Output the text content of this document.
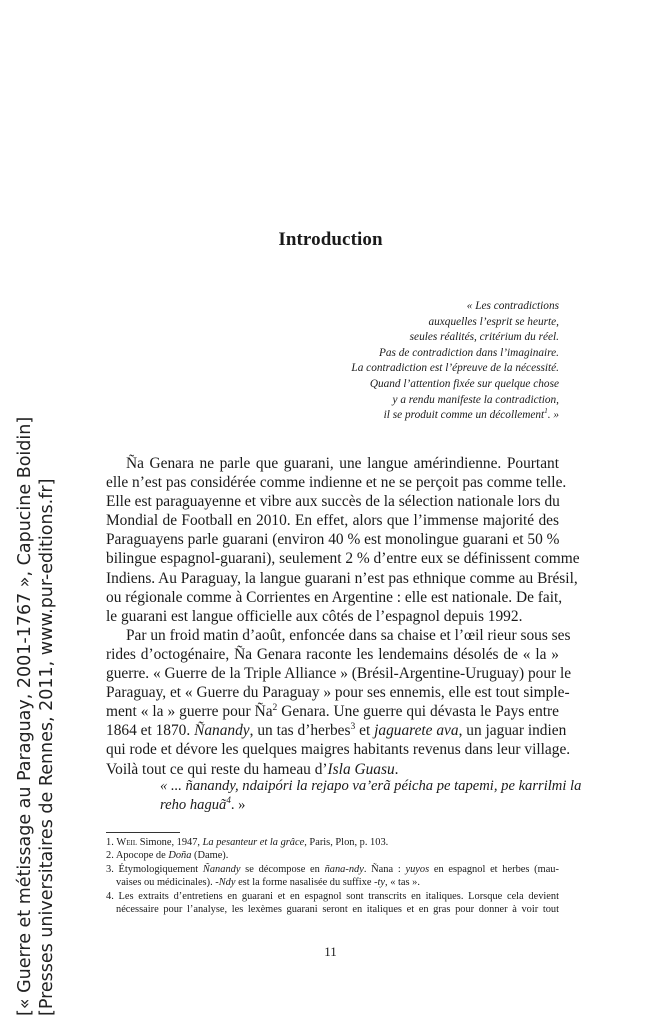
Introduction
« Les contradictions
auxquelles l’esprit se heurte,
seules réalités, critérium du réel.
Pas de contradiction dans l’imaginaire.
La contradiction est l’épreuve de la nécessité.
Quand l’attention fixée sur quelque chose
y a rendu manifeste la contradiction,
il se produit comme un décollement$^1$. »
Ña Genara ne parle que guarani, une langue amérindienne. Pourtant
elle n’est pas considérée comme indienne et ne se perçoit pas comme telle.
Elle est paraguayenne et vibre aux succès de la sélection nationale lors du
Mondial de Football en 2010. En effet, alors que l’immense majorité des
Paraguayens parle guarani (environ 40 % est monolingue guarani et 50 %
bilingue espagnol-guarani), seulement 2 % d’entre eux se définissent comme
Indiens. Au Paraguay, la langue guarani n’est pas ethnique comme au Brésil,
ou régionale comme à Corrientes en Argentine : elle est nationale. De fait,
le guarani est langue officielle aux côtés de l’espagnol depuis 1992.
Par un froid matin d’août, enfoncée dans sa chaise et l’œil rieur sous ses
rides d’octogénaire, Ña Genara raconte les lendemains désolés de « la »
guerre. « Guerre de la Triple Alliance » (Brésil-Argentine-Uruguay) pour le
Paraguay, et « Guerre du Paraguay » pour ses ennemis, elle est tout simple-
ment « la » guerre pour $Ña^2$ Genara. Une guerre qui dévasta le Pays entre
1864 et 1870. Ñanandy, un tas d’herbes$^3$ et jaguarete ava, un jaguar indien
qui rode et dévore les quelques maigres habitants revenus dans leur village.
Voilà tout ce qui reste du hameau d’Isla Guasu.
« ... ñanandy, ndaipóri la rejapo va’erã péicha pe tapemi, pe karrilmi la
reho haguã$^4$. »
1. Weil Simone, 1947, La pesanteur et la grâce, Paris, Plon, p. 103.
2. Apocope de Doña (Dame).
3. Étymologiquement Ñanandy se décompose en ñana-ndy. Ñana : yuyos en espagnol et herbes (mau-
vaises ou médicinales). -Ndy est la forme nasalisée du suffixe -ty, « tas ».
4. Les extraits d’entretiens en guarani et en espagnol sont transcrits en italiques. Lorsque cela devient
nécessaire pour l’analyse, les lexèmes guarani seront en italiques et en gras pour donner à voir tout
11
[« Guerre et métissage au Paraguay, 2001-1767 », Capucine Boidin] [Presses universitaires de Rennes, 2011, www.pur-editions.fr]
